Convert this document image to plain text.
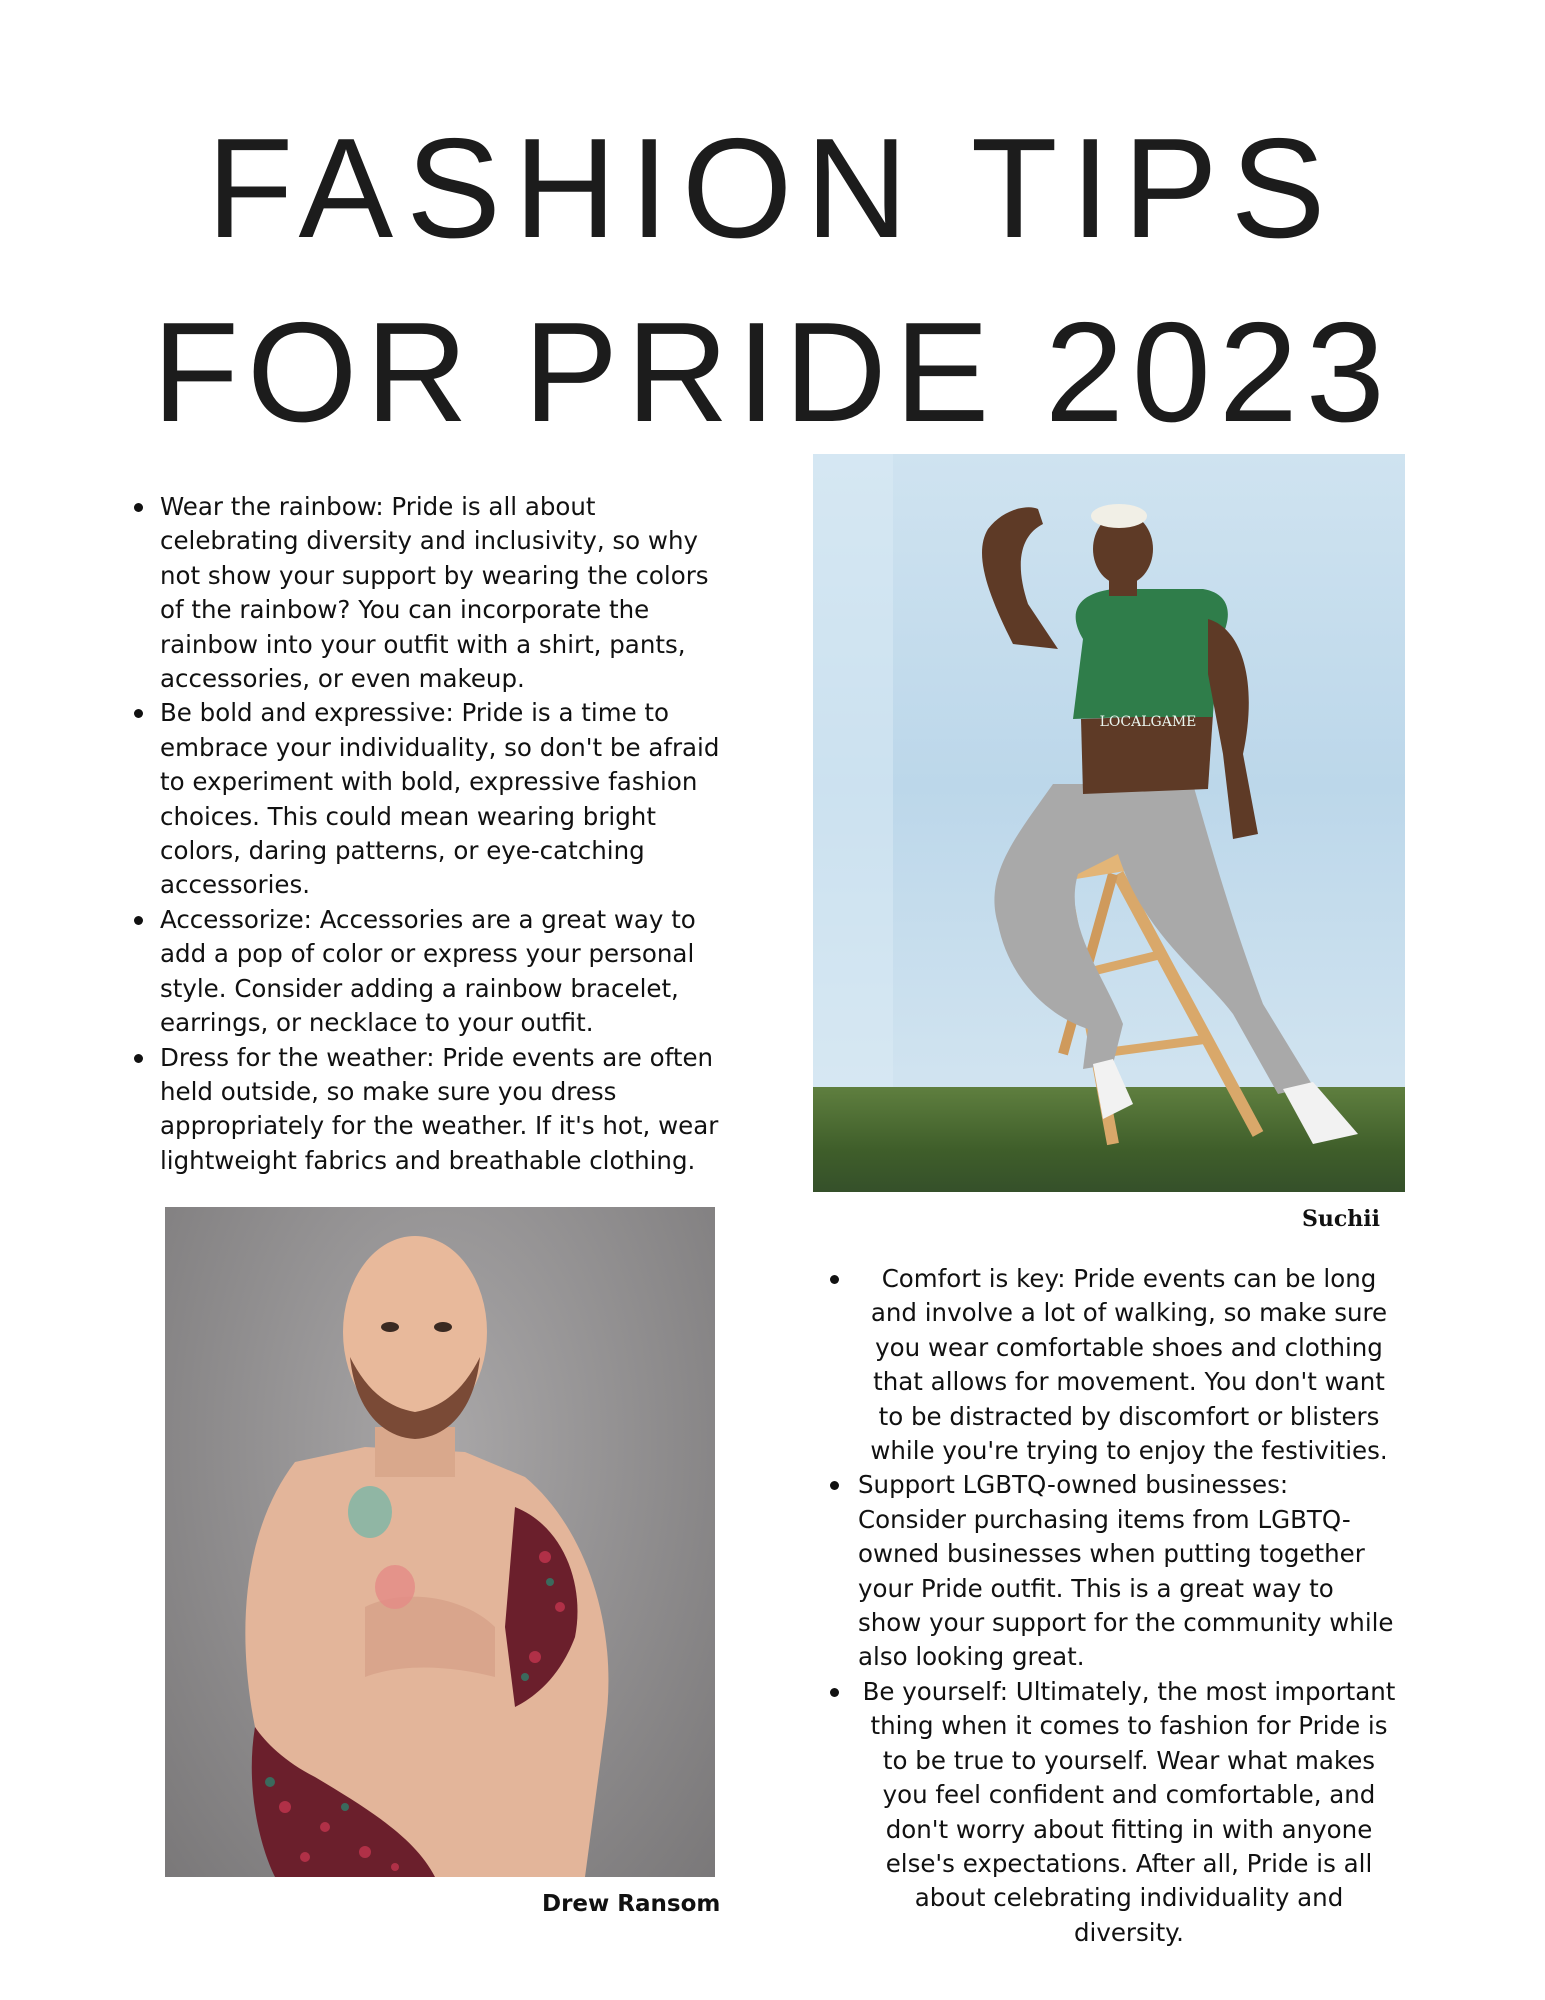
FASHION TIPS
FOR PRIDE 2023
Wear the rainbow: Pride is all about celebrating diversity and inclusivity, so why not show your support by wearing the colors of the rainbow? You can incorporate the rainbow into your outfit with a shirt, pants, accessories, or even makeup.
Be bold and expressive: Pride is a time to embrace your individuality, so don't be afraid to experiment with bold, expressive fashion choices. This could mean wearing bright colors, daring patterns, or eye-catching accessories.
Accessorize: Accessories are a great way to add a pop of color or express your personal style. Consider adding a rainbow bracelet, earrings, or necklace to your outfit.
Dress for the weather: Pride events are often held outside, so make sure you dress appropriately for the weather. If it's hot, wear lightweight fabrics and breathable clothing.
LOCALGAME
Suchii
Drew Ransom
Comfort is key: Pride events can be long and involve a lot of walking, so make sure you wear comfortable shoes and clothing that allows for movement. You don't want to be distracted by discomfort or blisters while you're trying to enjoy the festivities.
Support LGBTQ-owned businesses: Consider purchasing items from LGBTQ-owned businesses when putting together your Pride outfit. This is a great way to show your support for the community while also looking great.
Be yourself: Ultimately, the most important thing when it comes to fashion for Pride is to be true to yourself. Wear what makes you feel confident and comfortable, and don't worry about fitting in with anyone else's expectations. After all, Pride is all about celebrating individuality and diversity.
